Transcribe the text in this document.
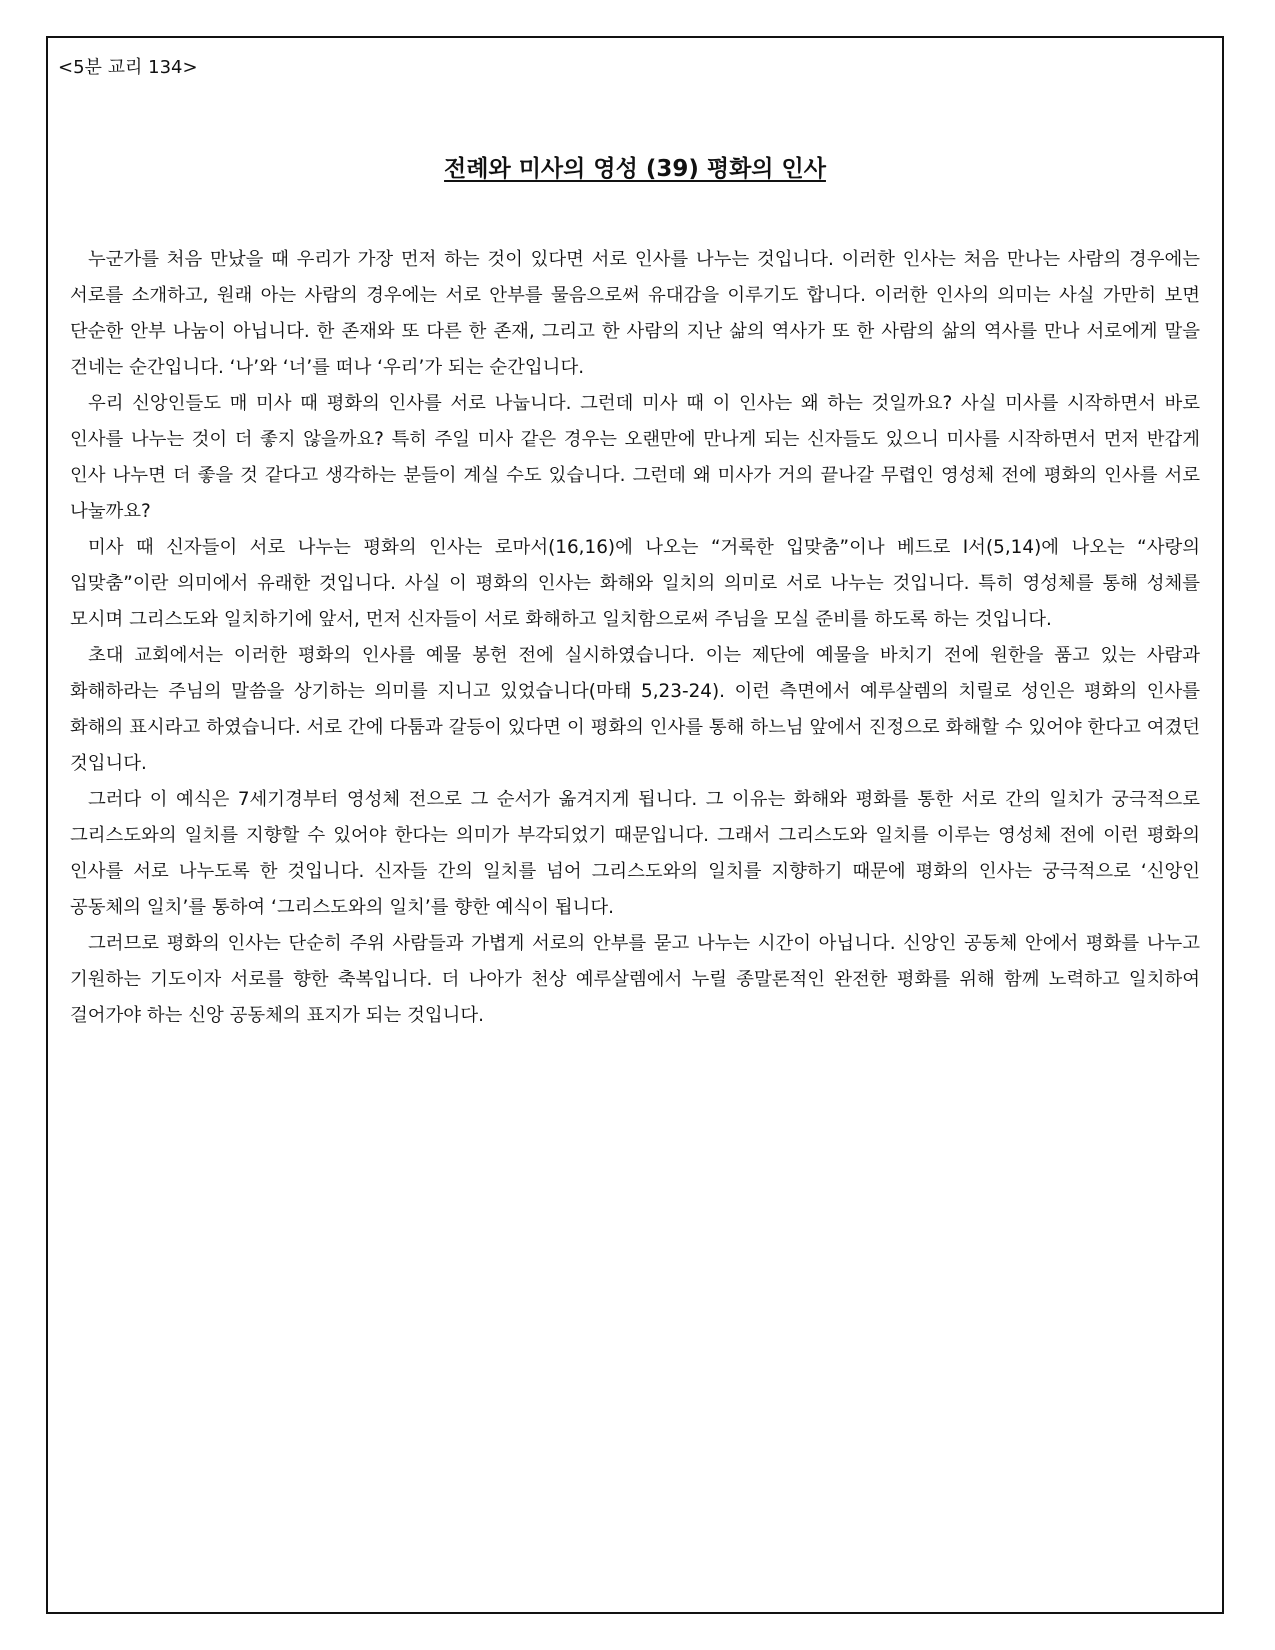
<5분 교리 134>
전례와 미사의 영성 (39) 평화의 인사

누군가를 처음 만났을 때 우리가 가장 먼저 하는 것이 있다면 서로 인사를 나누는 것입니다. 이러한 인사는 처음 만나는 사람의 경우에는 서로를 소개하고, 원래 아는 사람의 경우에는 서로 안부를 물음으로써 유대감을 이루기도 합니다. 이러한 인사의 의미는 사실 가만히 보면 단순한 안부 나눔이 아닙니다. 한 존재와 또 다른 한 존재, 그리고 한 사람의 지난 삶의 역사가 또 한 사람의 삶의 역사를 만나 서로에게 말을 건네는 순간입니다. ‘나’와 ‘너’를 떠나 ‘우리’가 되는 순간입니다.

우리 신앙인들도 매 미사 때 평화의 인사를 서로 나눕니다. 그런데 미사 때 이 인사는 왜 하는 것일까요? 사실 미사를 시작하면서 바로 인사를 나누는 것이 더 좋지 않을까요? 특히 주일 미사 같은 경우는 오랜만에 만나게 되는 신자들도 있으니 미사를 시작하면서 먼저 반갑게 인사 나누면 더 좋을 것 같다고 생각하는 분들이 계실 수도 있습니다. 그런데 왜 미사가 거의 끝나갈 무렵인 영성체 전에 평화의 인사를 서로 나눌까요?

미사 때 신자들이 서로 나누는 평화의 인사는 로마서(16,16)에 나오는 “거룩한 입맞춤”이나 베드로 I서(5,14)에 나오는 “사랑의 입맞춤”이란 의미에서 유래한 것입니다. 사실 이 평화의 인사는 화해와 일치의 의미로 서로 나누는 것입니다. 특히 영성체를 통해 성체를 모시며 그리스도와 일치하기에 앞서, 먼저 신자들이 서로 화해하고 일치함으로써 주님을 모실 준비를 하도록 하는 것입니다.

초대 교회에서는 이러한 평화의 인사를 예물 봉헌 전에 실시하였습니다. 이는 제단에 예물을 바치기 전에 원한을 품고 있는 사람과 화해하라는 주님의 말씀을 상기하는 의미를 지니고 있었습니다(마태 5,23-24). 이런 측면에서 예루살렘의 치릴로 성인은 평화의 인사를 화해의 표시라고 하였습니다. 서로 간에 다툼과 갈등이 있다면 이 평화의 인사를 통해 하느님 앞에서 진정으로 화해할 수 있어야 한다고 여겼던 것입니다.

그러다 이 예식은 7세기경부터 영성체 전으로 그 순서가 옮겨지게 됩니다. 그 이유는 화해와 평화를 통한 서로 간의 일치가 궁극적으로 그리스도와의 일치를 지향할 수 있어야 한다는 의미가 부각되었기 때문입니다. 그래서 그리스도와 일치를 이루는 영성체 전에 이런 평화의 인사를 서로 나누도록 한 것입니다. 신자들 간의 일치를 넘어 그리스도와의 일치를 지향하기 때문에 평화의 인사는 궁극적으로 ‘신앙인 공동체의 일치’를 통하여 ‘그리스도와의 일치’를 향한 예식이 됩니다.

그러므로 평화의 인사는 단순히 주위 사람들과 가볍게 서로의 안부를 묻고 나누는 시간이 아닙니다. 신앙인 공동체 안에서 평화를 나누고 기원하는 기도이자 서로를 향한 축복입니다. 더 나아가 천상 예루살렘에서 누릴 종말론적인 완전한 평화를 위해 함께 노력하고 일치하여 걸어가야 하는 신앙 공동체의 표지가 되는 것입니다.
